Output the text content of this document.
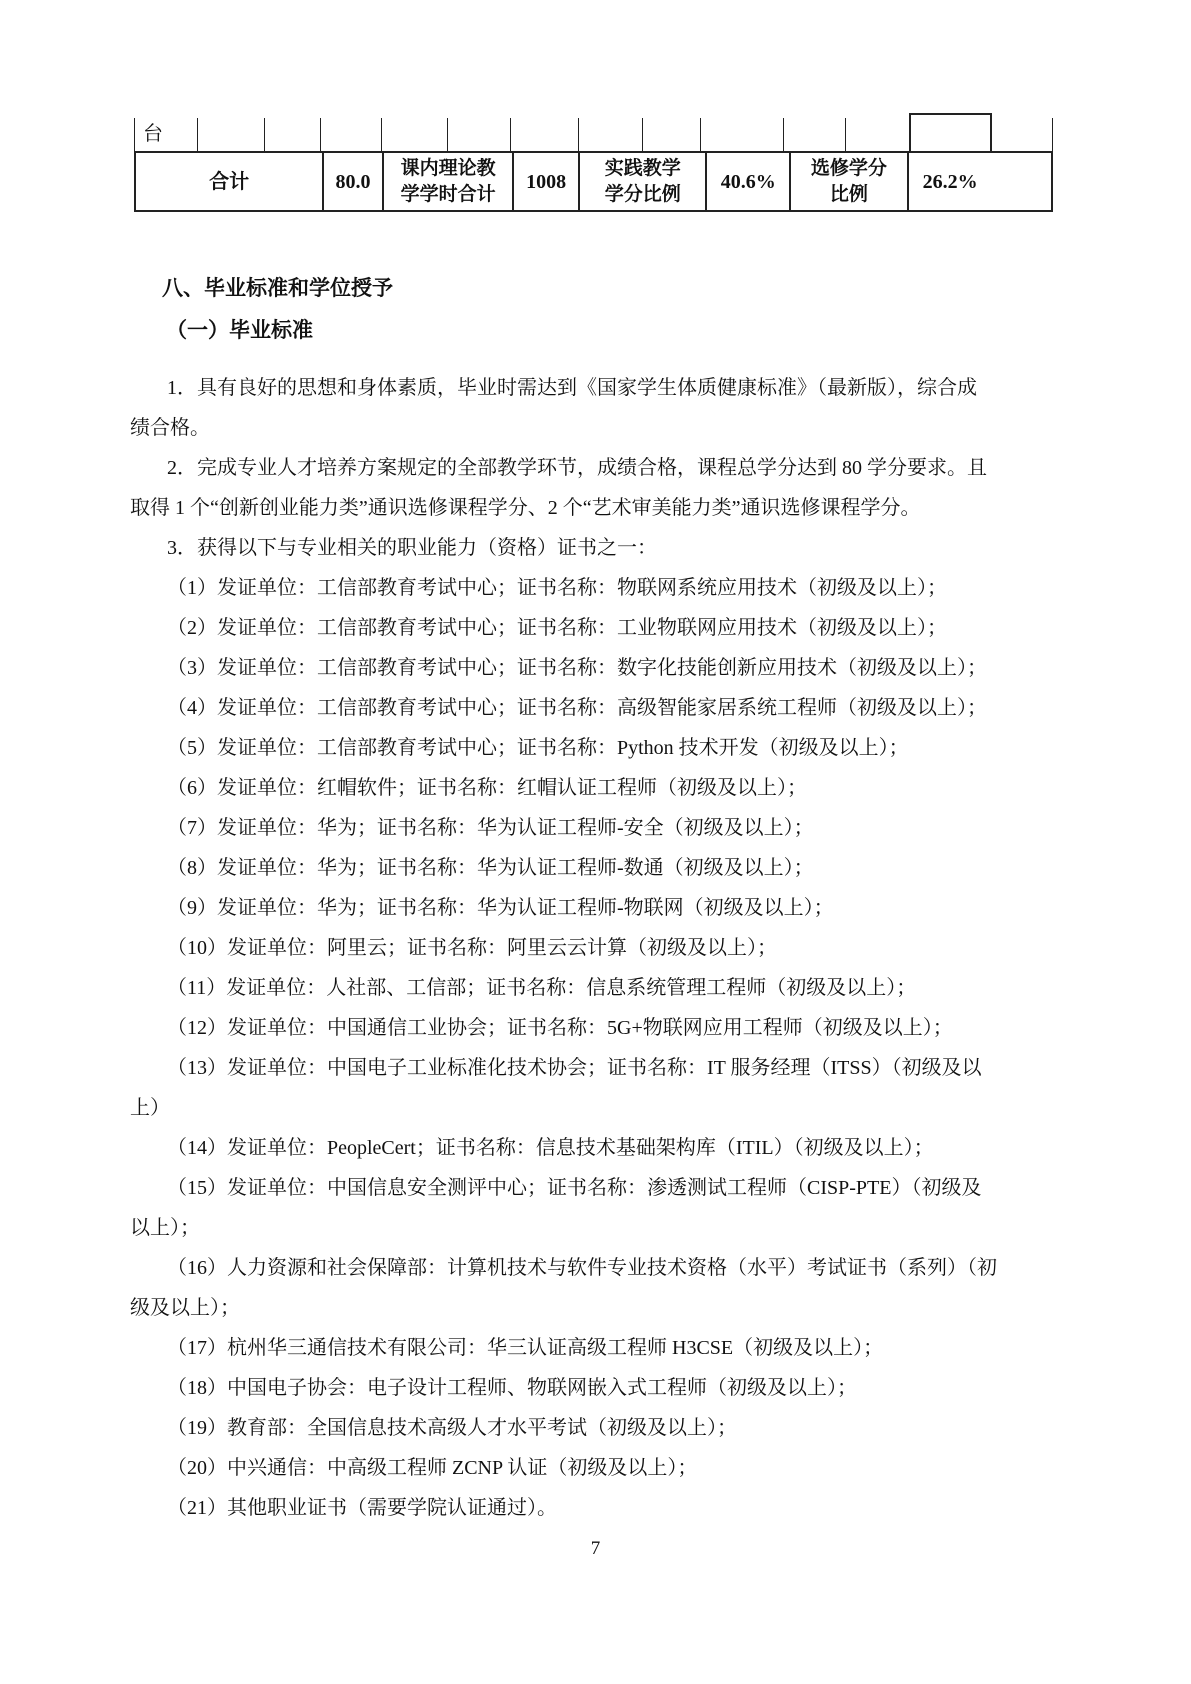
台
合计	80.0
课内理论教
学学时合计
1008
实践教学
学分比例
40.6%
选修学分
比例
26.2%
八、毕业标准和学位授予
（一）毕业标准
1．具有良好的思想和身体素质，毕业时需达到《国家学生体质健康标准》（最新版），综合成
绩合格。
2．完成专业人才培养方案规定的全部教学环节，成绩合格，课程总学分达到 80 学分要求。且
取得 1 个“创新创业能力类”通识选修课程学分、2 个“艺术审美能力类”通识选修课程学分。
3．获得以下与专业相关的职业能力（资格）证书之一：
（1）发证单位：工信部教育考试中心；证书名称：物联网系统应用技术（初级及以上）；
（2）发证单位：工信部教育考试中心；证书名称：工业物联网应用技术（初级及以上）；
（3）发证单位：工信部教育考试中心；证书名称：数字化技能创新应用技术（初级及以上）；
（4）发证单位：工信部教育考试中心；证书名称：高级智能家居系统工程师（初级及以上）；
（5）发证单位：工信部教育考试中心；证书名称：Python 技术开发（初级及以上）；
（6）发证单位：红帽软件；证书名称：红帽认证工程师（初级及以上）；
（7）发证单位：华为；证书名称：华为认证工程师-安全（初级及以上）；
（8）发证单位：华为；证书名称：华为认证工程师-数通（初级及以上）；
（9）发证单位：华为；证书名称：华为认证工程师-物联网（初级及以上）；
（10）发证单位：阿里云；证书名称：阿里云云计算（初级及以上）；
（11）发证单位：人社部、工信部；证书名称：信息系统管理工程师（初级及以上）；
（12）发证单位：中国通信工业协会；证书名称：5G+物联网应用工程师（初级及以上）；
（13）发证单位：中国电子工业标准化技术协会；证书名称：IT 服务经理（ITSS）（初级及以
上）
（14）发证单位：PeopleCert；证书名称：信息技术基础架构库（ITIL）（初级及以上）；
（15）发证单位：中国信息安全测评中心；证书名称：渗透测试工程师（CISP-PTE）（初级及
以上）；
（16）人力资源和社会保障部：计算机技术与软件专业技术资格（水平）考试证书（系列）（初
级及以上）；
（17）杭州华三通信技术有限公司：华三认证高级工程师 H3CSE（初级及以上）；
（18）中国电子协会：电子设计工程师、物联网嵌入式工程师（初级及以上）；
（19）教育部：全国信息技术高级人才水平考试（初级及以上）；
（20）中兴通信：中高级工程师 ZCNP 认证（初级及以上）；
（21）其他职业证书（需要学院认证通过）。
7
